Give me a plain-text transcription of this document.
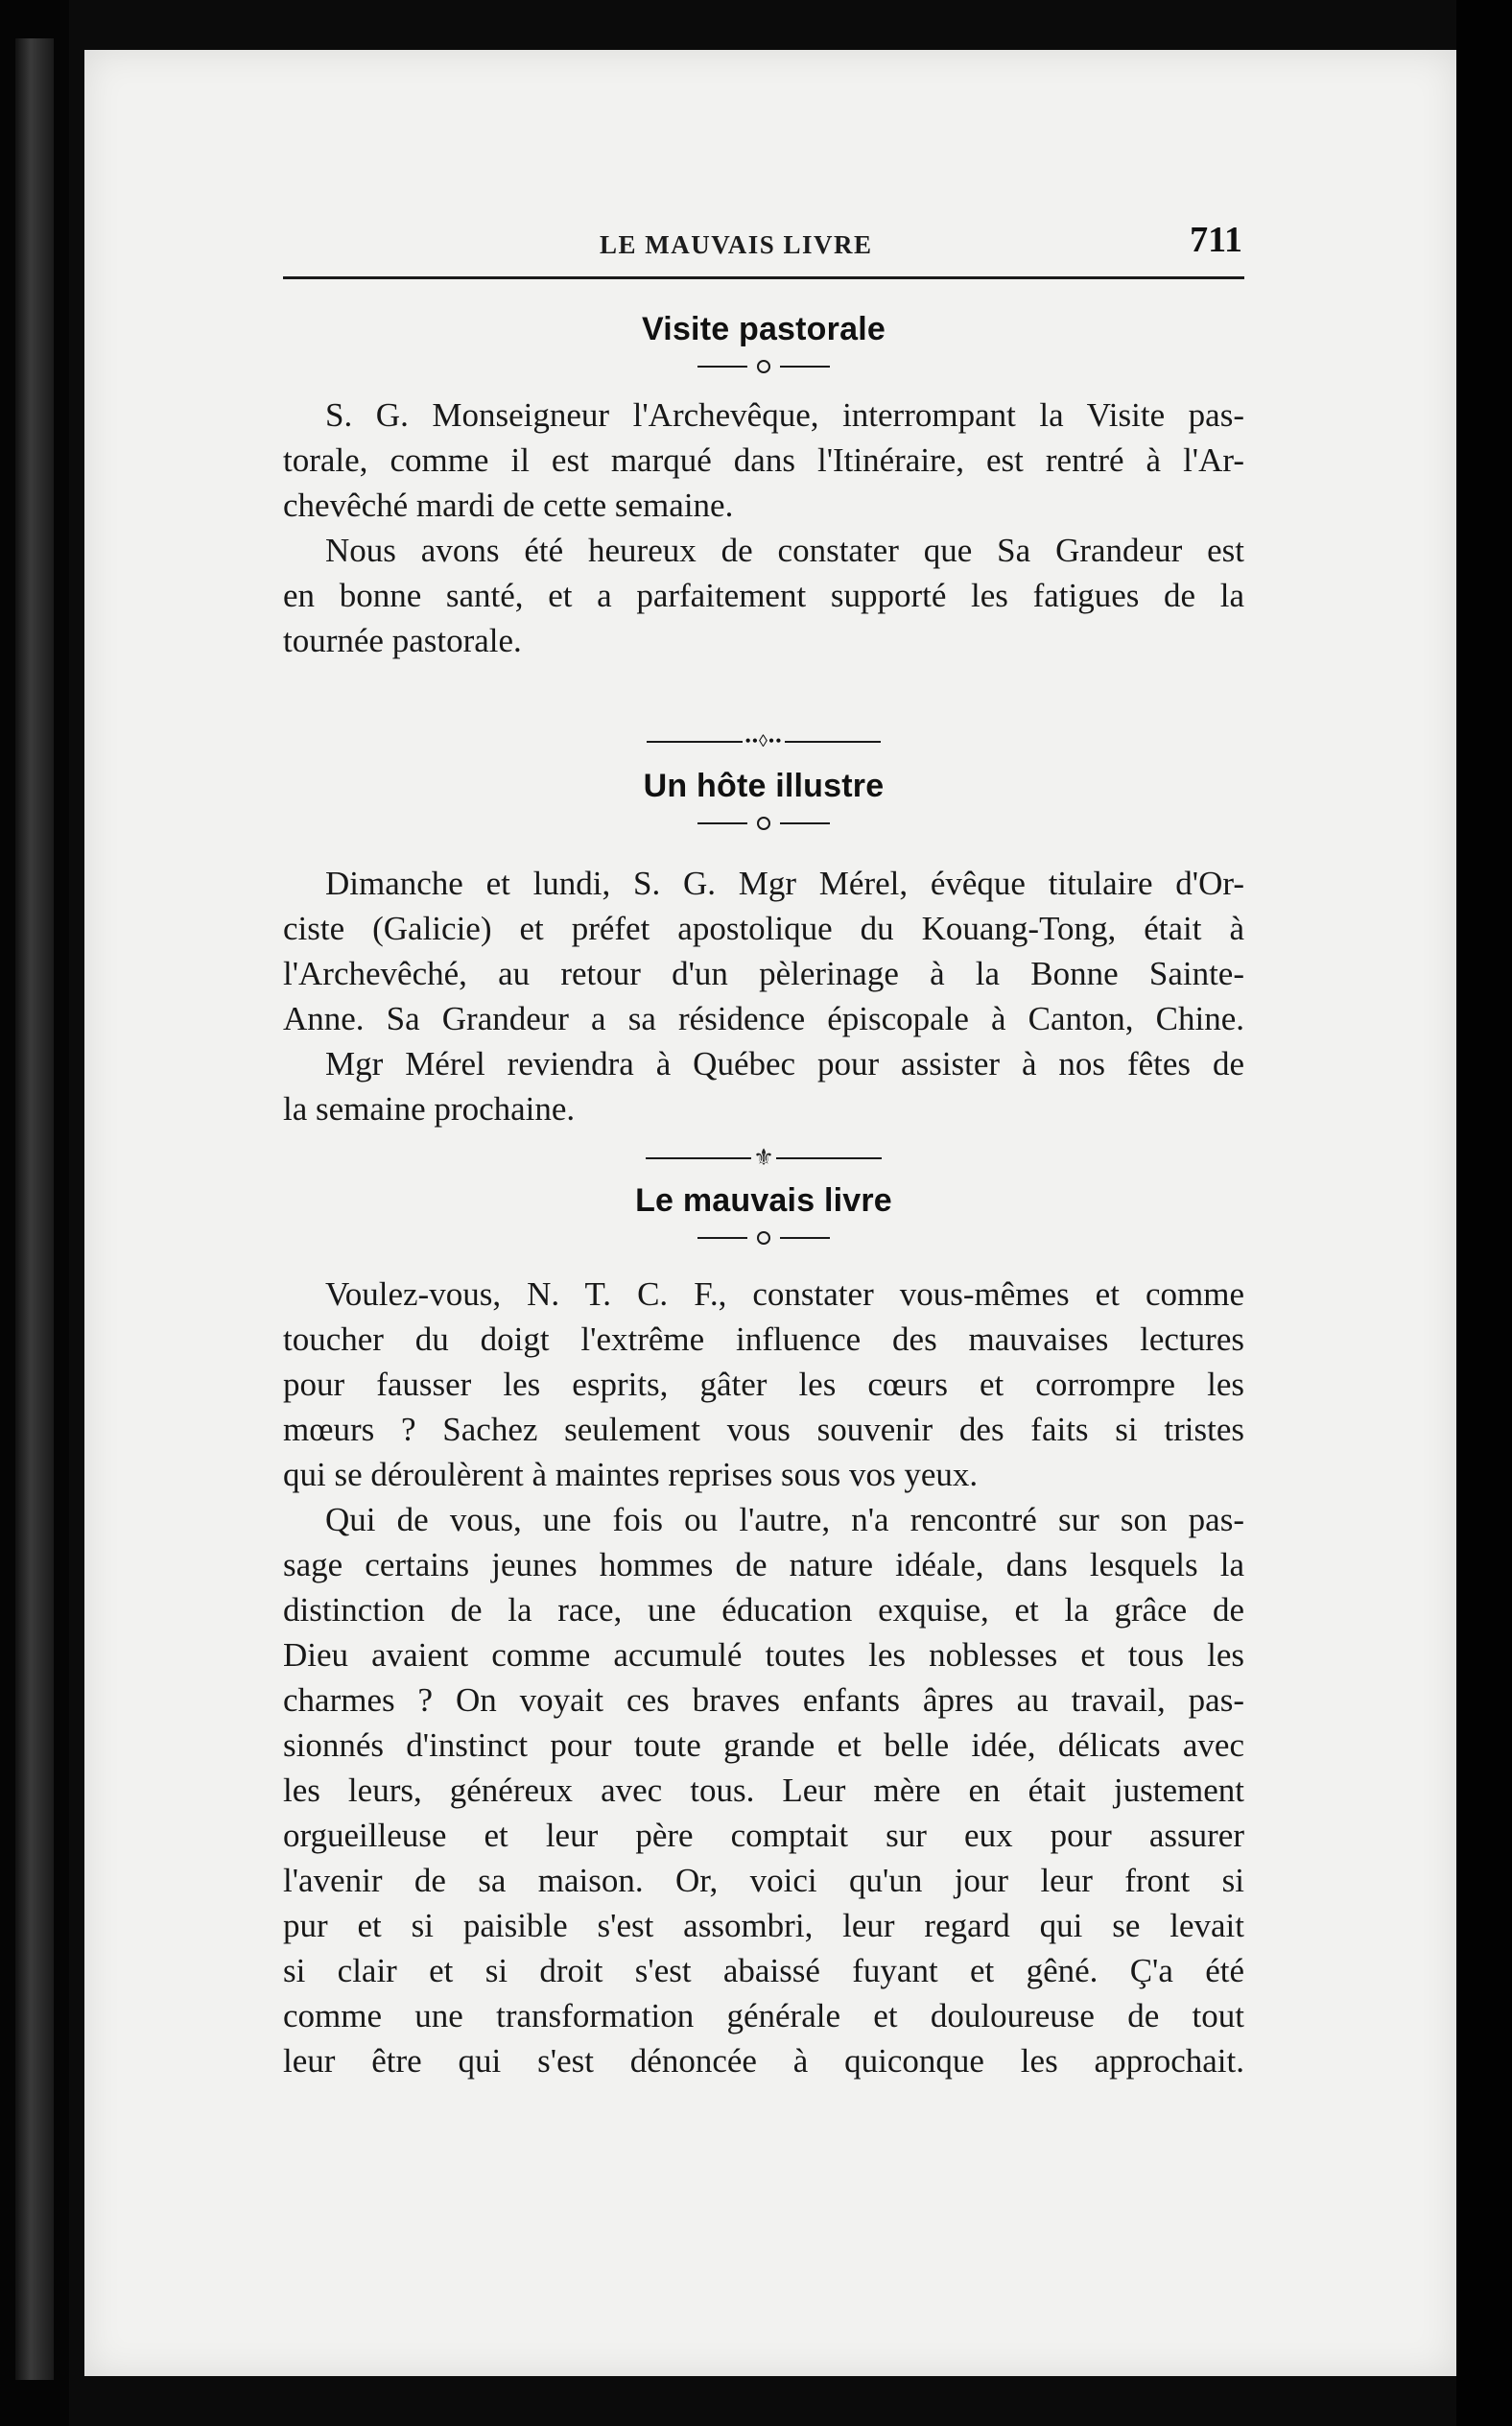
LE MAUVAIS LIVRE	711
Visite pastorale
S. G. Monseigneur l'Archevêque, interrompant la Visite pas-
torale, comme il est marqué dans l'Itinéraire, est rentré à l'Ar-
chevêché mardi de cette semaine.
Nous avons été heureux de constater que Sa Grandeur est
en bonne santé, et a parfaitement supporté les fatigues de la
tournée pastorale.
••◊••
Un hôte illustre
Dimanche et lundi, S. G. Mgr Mérel, évêque titulaire d'Or-
ciste (Galicie) et préfet apostolique du Kouang-Tong, était à
l'Archevêché, au retour d'un pèlerinage à la Bonne Sainte-
Anne. Sa Grandeur a sa résidence épiscopale à Canton, Chine.
Mgr Mérel reviendra à Québec pour assister à nos fêtes de
la semaine prochaine.
⚜
Le mauvais livre
Voulez-vous, N. T. C. F., constater vous-mêmes et comme
toucher du doigt l'extrême influence des mauvaises lectures
pour fausser les esprits, gâter les cœurs et corrompre les
mœurs ? Sachez seulement vous souvenir des faits si tristes
qui se déroulèrent à maintes reprises sous vos yeux.
Qui de vous, une fois ou l'autre, n'a rencontré sur son pas-
sage certains jeunes hommes de nature idéale, dans lesquels la
distinction de la race, une éducation exquise, et la grâce de
Dieu avaient comme accumulé toutes les noblesses et tous les
charmes ? On voyait ces braves enfants âpres au travail, pas-
sionnés d'instinct pour toute grande et belle idée, délicats avec
les leurs, généreux avec tous. Leur mère en était justement
orgueilleuse et leur père comptait sur eux pour assurer
l'avenir de sa maison. Or, voici qu'un jour leur front si
pur et si paisible s'est assombri, leur regard qui se levait
si clair et si droit s'est abaissé fuyant et gêné. Ç'a été
comme une transformation générale et douloureuse de tout
leur être qui s'est dénoncée à quiconque les approchait.
